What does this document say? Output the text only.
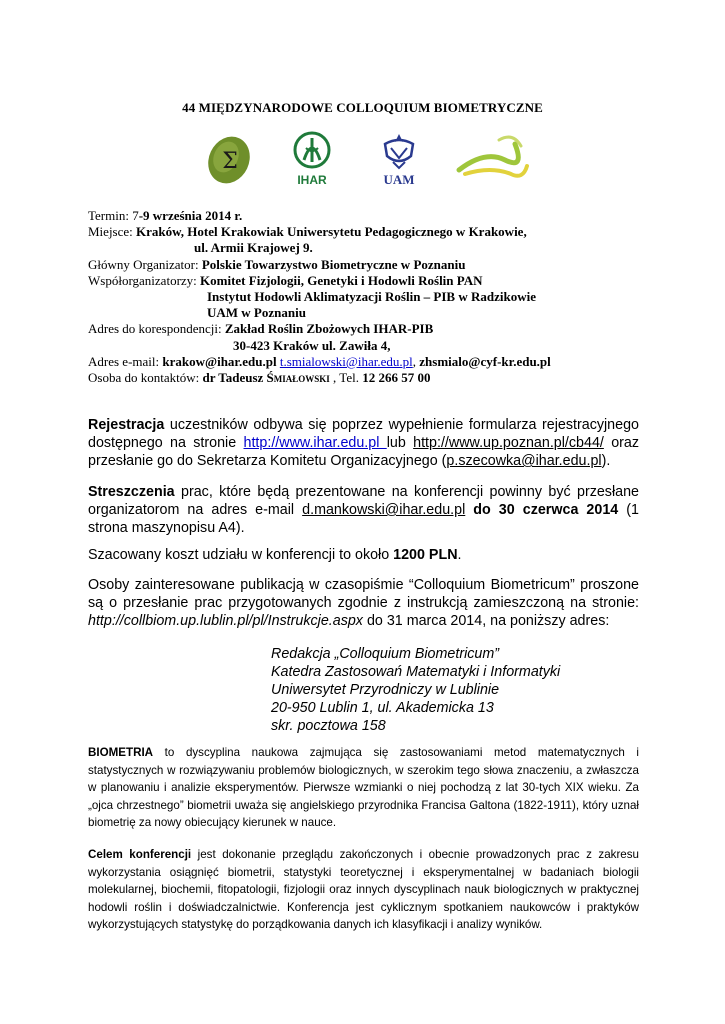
44 MIĘDZYNARODOWE COLLOQUIUM BIOMETRYCZNE
Σ
IHAR	UAM
Termin: 7-9 września 2014 r.
Miejsce: Kraków, Hotel Krakowiak Uniwersytetu Pedagogicznego w Krakowie,
ul. Armii Krajowej 9.
Główny Organizator: Polskie Towarzystwo Biometryczne w Poznaniu
Współorganizatorzy: Komitet Fizjologii, Genetyki i Hodowli Roślin PAN
Instytut Hodowli Aklimatyzacji Roślin – PIB w Radzikowie
UAM w Poznaniu
Adres do korespondencji: Zakład Roślin Zbożowych IHAR-PIB
30-423 Kraków ul. Zawiła 4,
Adres e-mail: krakow@ihar.edu.pl t.smialowski@ihar.edu.pl, zhsmialo@cyf-kr.edu.pl
Osoba do kontaktów: dr Tadeusz Śmiałowski , Tel. 12 266 57 00

Rejestracja uczestników odbywa się poprzez wypełnienie formularza rejestracyjnego dostępnego na stronie http://www.ihar.edu.pl lub http://www.up.poznan.pl/cb44/ oraz przesłanie go do Sekretarza Komitetu Organizacyjnego (p.szecowka@ihar.edu.pl).

Streszczenia prac, które będą prezentowane na konferencji powinny być przesłane organizatorom na adres e-mail d.mankowski@ihar.edu.pl do 30 czerwca 2014 (1 strona maszynopisu A4).

Szacowany koszt udziału w konferencji to około 1200 PLN.

Osoby zainteresowane publikacją w czasopiśmie “Colloquium Biometricum” proszone są o przesłanie prac przygotowanych zgodnie z instrukcją zamieszczoną na stronie: http://collbiom.up.lublin.pl/pl/Instrukcje.aspx do 31 marca 2014, na poniższy adres:

Redakcja „Colloquium Biometricum”
Katedra Zastosowań Matematyki i Informatyki
Uniwersytet Przyrodniczy w Lublinie
20-950 Lublin 1, ul. Akademicka 13
skr. pocztowa 158
BIOMETRIA to dyscyplina naukowa zajmująca się zastosowaniami metod matematycznych i statystycznych w rozwiązywaniu problemów biologicznych, w szerokim tego słowa znaczeniu, a zwłaszcza w planowaniu i analizie eksperymentów. Pierwsze wzmianki o niej pochodzą z lat 30-tych XIX wieku. Za „ojca chrzestnego” biometrii uważa się angielskiego przyrodnika Francisa Galtona (1822-1911), który uznał biometrię za nowy obiecujący kierunek w nauce.
Celem konferencji jest dokonanie przeglądu zakończonych i obecnie prowadzonych prac z zakresu wykorzystania osiągnięć biometrii, statystyki teoretycznej i eksperymentalnej w badaniach biologii molekularnej, biochemii, fitopatologii, fizjologii oraz innych dyscyplinach nauk biologicznych w praktycznej hodowli roślin i doświadczalnictwie. Konferencja jest cyklicznym spotkaniem naukowców i praktyków wykorzystujących statystykę do porządkowania danych ich klasyfikacji i analizy wyników.
